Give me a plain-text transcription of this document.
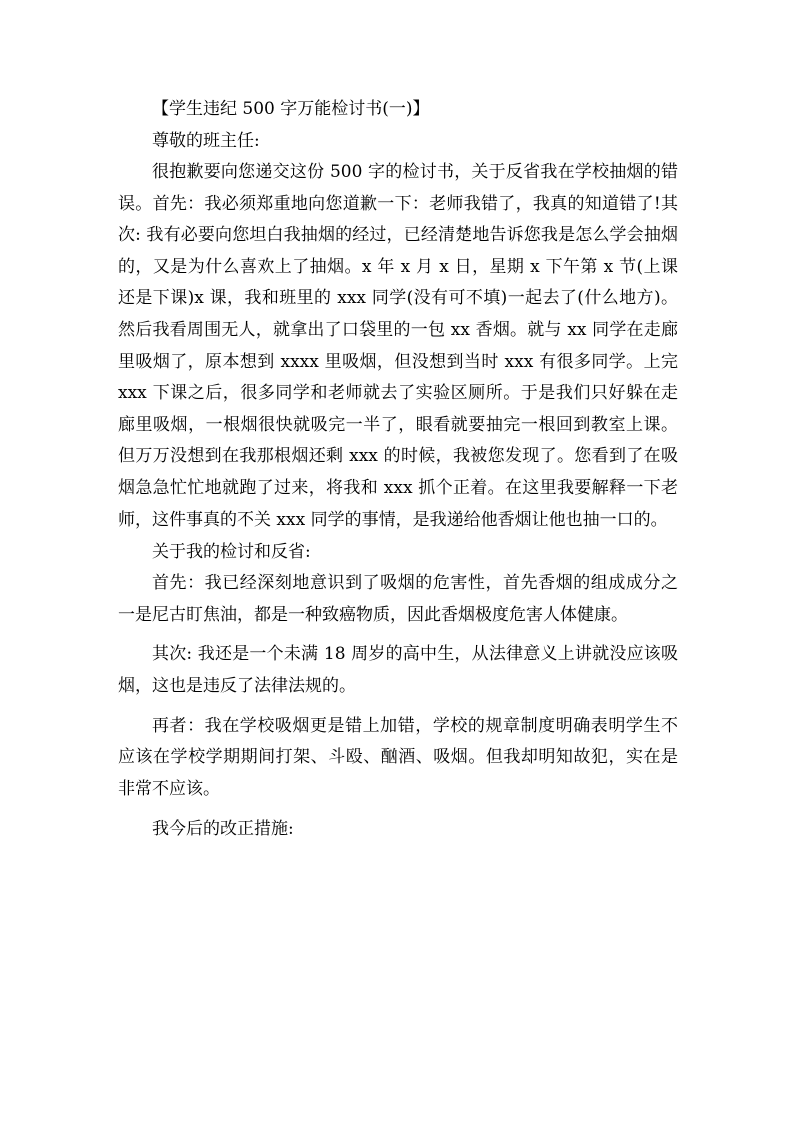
【学生违纪 500 字万能检讨书(一)】

尊敬的班主任:

很抱歉要向您递交这份 500 字的检讨书，关于反省我在学校抽烟的错误。首先：我必须郑重地向您道歉一下：老师我错了，我真的知道错了!其次: 我有必要向您坦白我抽烟的经过，已经清楚地告诉您我是怎么学会抽烟的，又是为什么喜欢上了抽烟。x 年 x 月 x 日，星期 x 下午第 x 节(上课还是下课)x 课，我和班里的 xxx 同学(没有可不填)一起去了(什么地方)。然后我看周围无人，就拿出了口袋里的一包 xx 香烟。就与 xx 同学在走廊里吸烟了，原本想到 xxxx 里吸烟，但没想到当时 xxx 有很多同学。上完 xxx 下课之后，很多同学和老师就去了实验区厕所。于是我们只好躲在走廊里吸烟，一根烟很快就吸完一半了，眼看就要抽完一根回到教室上课。但万万没想到在我那根烟还剩 xxx 的时候，我被您发现了。您看到了在吸烟急急忙忙地就跑了过来，将我和 xxx 抓个正着。在这里我要解释一下老师，这件事真的不关 xxx 同学的事情，是我递给他香烟让他也抽一口的。

关于我的检讨和反省:

首先：我已经深刻地意识到了吸烟的危害性，首先香烟的组成成分之一是尼古盯焦油，都是一种致癌物质，因此香烟极度危害人体健康。

其次: 我还是一个未满 18 周岁的高中生，从法律意义上讲就没应该吸烟，这也是违反了法律法规的。

再者：我在学校吸烟更是错上加错，学校的规章制度明确表明学生不应该在学校学期期间打架、斗殴、酗酒、吸烟。但我却明知故犯，实在是非常不应该。

我今后的改正措施:
